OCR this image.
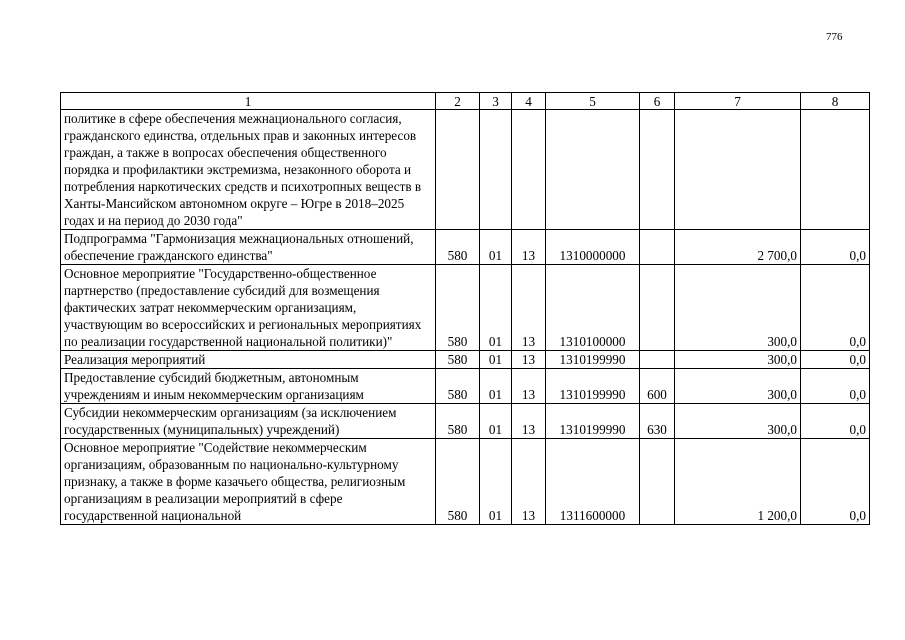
776
1	2	3	4	5	6	7	8
политике в сфере обеспечения межнационального согласия, гражданского единства, отдельных прав и законных интересов граждан, а также в вопросах обеспечения общественного порядка и профилактики экстремизма, незаконного оборота и потребления наркотических средств и психотропных веществ в Ханты-Мансийском автономном округе – Югре в 2018–2025 годах и на период до 2030 года"							
Подпрограмма "Гармонизация межнациональных отношений, обеспечение гражданского единства"	580	01	13	1310000000		2 700,0	0,0
Основное мероприятие "Государственно-общественное партнерство (предоставление субсидий для возмещения фактических затрат некоммерческим организациям, участвующим во всероссийских и региональных мероприятиях по реализации государственной национальной политики)"	580	01	13	1310100000		300,0	0,0
Реализация мероприятий	580	01	13	1310199990		300,0	0,0
Предоставление субсидий бюджетным, автономным учреждениям и иным некоммерческим организациям	580	01	13	1310199990	600	300,0	0,0
Субсидии некоммерческим организациям (за исключением государственных (муниципальных) учреждений)	580	01	13	1310199990	630	300,0	0,0
Основное мероприятие "Содействие некоммерческим организациям, образованным по национально-культурному признаку, а также в форме казачьего общества, религиозным организациям в реализации мероприятий в сфере государственной национальной	580	01	13	1311600000		1 200,0	0,0
